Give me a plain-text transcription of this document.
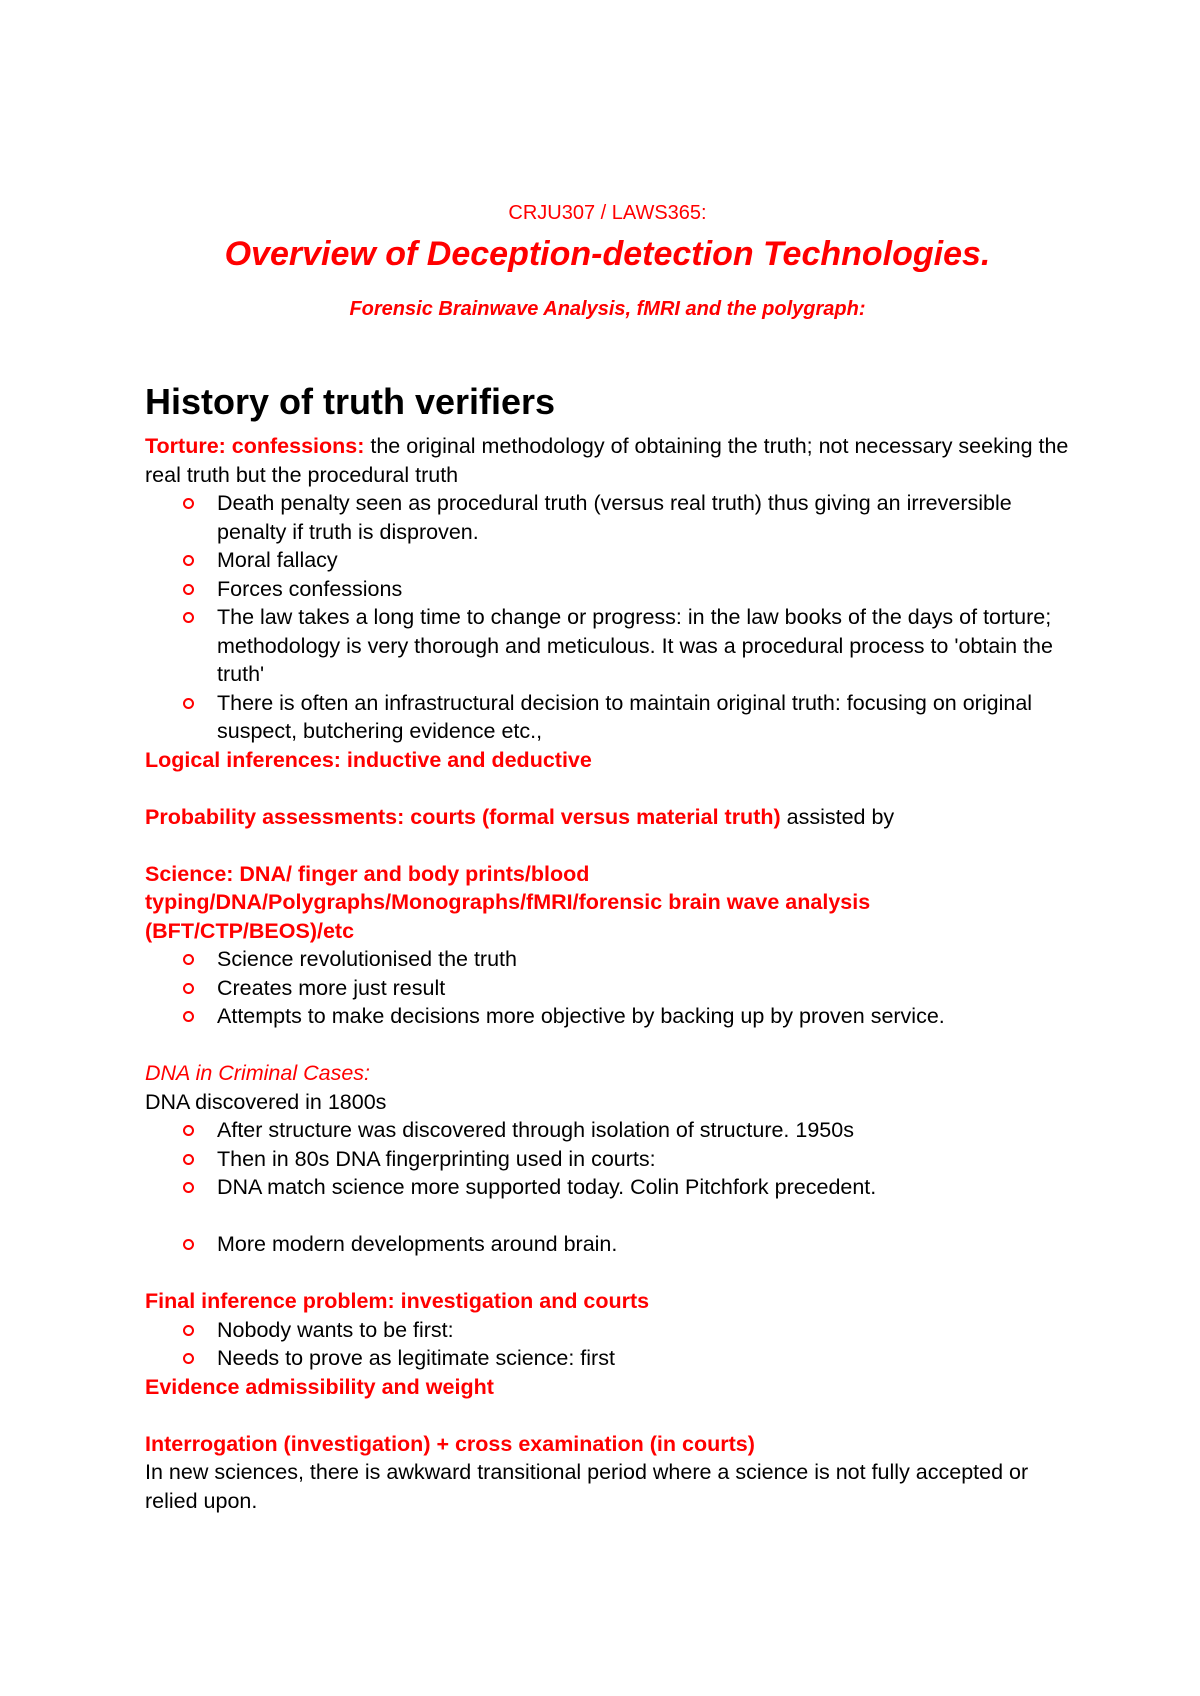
CRJU307 / LAWS365:

Overview of Deception-detection Technologies.

Forensic Brainwave Analysis, fMRI and the polygraph:

History of truth verifiers

Torture: confessions: the original methodology of obtaining the truth; not necessary seeking the real truth but the procedural truth

Death penalty seen as procedural truth (versus real truth) thus giving an irreversible penalty if truth is disproven.
Moral fallacy
Forces confessions
The law takes a long time to change or progress: in the law books of the days of torture; methodology is very thorough and meticulous. It was a procedural process to 'obtain the truth'
There is often an infrastructural decision to maintain original truth: focusing on original suspect, butchering evidence etc.,

Logical inferences: inductive and deductive

Probability assessments: courts (formal versus material truth) assisted by

Science: DNA/ finger and body prints/blood typing/DNA/Polygraphs/Monographs/fMRI/forensic brain wave analysis (BFT/CTP/BEOS)/etc

Science revolutionised the truth
Creates more just result
Attempts to make decisions more objective by backing up by proven service.

DNA in Criminal Cases:

DNA discovered in 1800s

After structure was discovered through isolation of structure. 1950s
Then in 80s DNA fingerprinting used in courts:
DNA match science more supported today. Colin Pitchfork precedent.
More modern developments around brain.

Final inference problem: investigation and courts

Nobody wants to be first:
Needs to prove as legitimate science: first

Evidence admissibility and weight

Interrogation (investigation) + cross examination (in courts)

In new sciences, there is awkward transitional period where a science is not fully accepted or relied upon.
